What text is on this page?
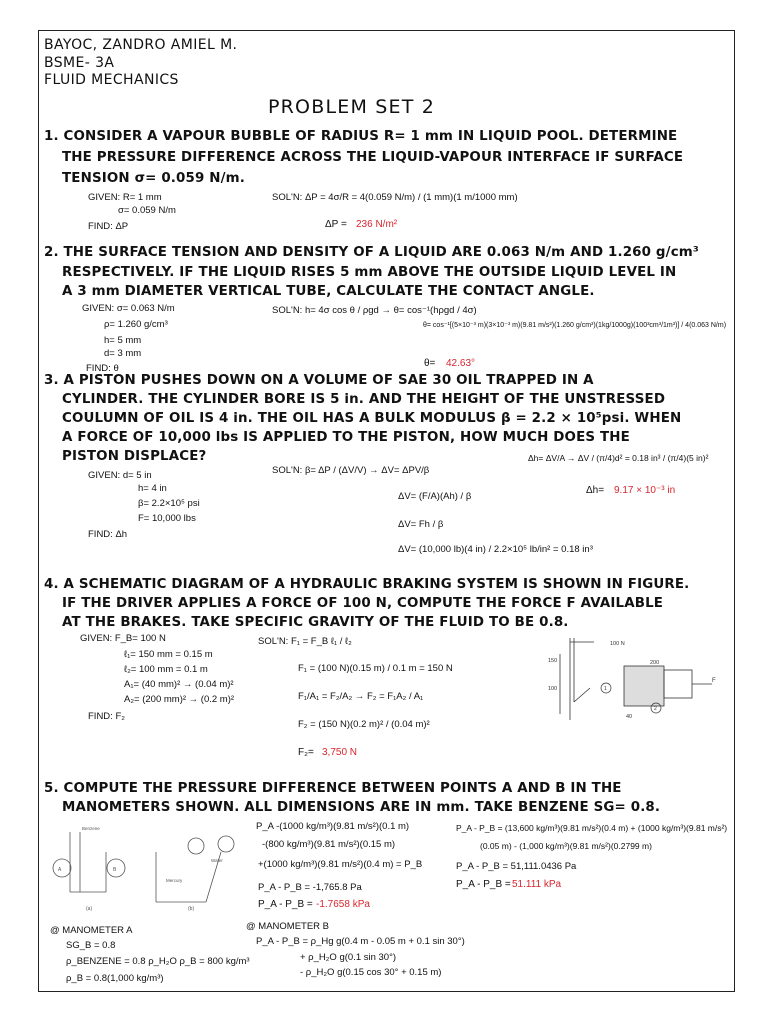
BAYOC, ZANDRO AMIEL M.
BSME- 3A
FLUID MECHANICS
PROBLEM SET 2
1. CONSIDER A VAPOUR BUBBLE OF RADIUS R= 1 mm IN LIQUID POOL. DETERMINE
THE PRESSURE DIFFERENCE ACROSS THE LIQUID-VAPOUR INTERFACE IF SURFACE
TENSION σ= 0.059 N/m.
GIVEN: R= 1 mm
σ= 0.059 N/m
FIND: ΔP
SOL'N: ΔP = 4σ/R = 4(0.059 N/m) / (1 mm)(1 m/1000 mm)
ΔP = 236 N/m²
2. THE SURFACE TENSION AND DENSITY OF A LIQUID ARE 0.063 N/m AND 1.260 g/cm³
RESPECTIVELY. IF THE LIQUID RISES 5 mm ABOVE THE OUTSIDE LIQUID LEVEL IN
A 3 mm DIAMETER VERTICAL TUBE, CALCULATE THE CONTACT ANGLE.
GIVEN: σ= 0.063 N/m
ρ= 1.260 g/cm³
h= 5 mm
d= 3 mm
FIND: θ
SOL'N: h= 4σ cos θ / ρgd → θ= cos⁻¹(hρgd / 4σ)
θ= cos⁻¹[(5×10⁻³ m)(3×10⁻³ m)(9.81 m/s²)(1.260 g/cm³)(1kg/1000g)(100³cm³/1m³)] / 4(0.063 N/m)
θ= 42.63°
3. A PISTON PUSHES DOWN ON A VOLUME OF SAE 30 OIL TRAPPED IN A
CYLINDER. THE CYLINDER BORE IS 5 in. AND THE HEIGHT OF THE UNSTRESSED
COULUMN OF OIL IS 4 in. THE OIL HAS A BULK MODULUS β = 2.2 × 10⁵psi. WHEN
A FORCE OF 10,000 lbs IS APPLIED TO THE PISTON, HOW MUCH DOES THE
PISTON DISPLACE?
GIVEN: d= 5 in
h= 4 in
β= 2.2×10⁵ psi
F= 10,000 lbs
FIND: Δh
SOL'N: β= ΔP / (ΔV/V) → ΔV= ΔPV/β
ΔV= (F/A)(Ah) / β
ΔV= Fh / β
ΔV= (10,000 lb)(4 in) / 2.2×10⁵ lb/in² = 0.18 in³
Δh= ΔV/A → ΔV / (π/4)d² = 0.18 in³ / (π/4)(5 in)²
Δh= 9.17 × 10⁻³ in
4. A SCHEMATIC DIAGRAM OF A HYDRAULIC BRAKING SYSTEM IS SHOWN IN FIGURE.
IF THE DRIVER APPLIES A FORCE OF 100 N, COMPUTE THE FORCE F AVAILABLE
AT THE BRAKES. TAKE SPECIFIC GRAVITY OF THE FLUID TO BE 0.8.
GIVEN: F_B= 100 N
ℓ₁= 150 mm = 0.15 m
ℓ₂= 100 mm = 0.1 m
A₁= (40 mm)² → (0.04 m)²
A₂= (200 mm)² → (0.2 m)²
FIND: F₂
SOL'N: F₁ = F_B ℓ₁ / ℓ₂
F₁ = (100 N)(0.15 m) / 0.1 m = 150 N
F₁/A₁ = F₂/A₂ → F₂ = F₁A₂ / A₁
F₂ = (150 N)(0.2 m)² / (0.04 m)²
F₂= 3,750 N
100 N
200
40
150
100
F
1
2
5. COMPUTE THE PRESSURE DIFFERENCE BETWEEN POINTS A AND B IN THE
MANOMETERS SHOWN. ALL DIMENSIONS ARE IN mm. TAKE BENZENE SG= 0.8.
A	B
Benzene
Mercury
Water
(a)	(b)
P_A -(1000 kg/m³)(9.81 m/s²)(0.1 m)
-(800 kg/m³)(9.81 m/s²)(0.15 m)
+(1000 kg/m³)(9.81 m/s²)(0.4 m) = P_B
P_A - P_B = -1,765.8 Pa
P_A - P_B = -1.7658 kPa
P_A - P_B = (13,600 kg/m³)(9.81 m/s²)(0.4 m) + (1000 kg/m³)(9.81 m/s²)
(0.05 m) - (1,000 kg/m³)(9.81 m/s²)(0.2799 m)
P_A - P_B = 51,111.0436 Pa
P_A - P_B = 51.111 kPa
@ MANOMETER A
SG_B = 0.8
ρ_BENZENE = 0.8 ρ_H₂O ρ_B = 800 kg/m³
ρ_B = 0.8(1,000 kg/m³)
@ MANOMETER B
P_A - P_B = ρ_Hg g(0.4 m - 0.05 m + 0.1 sin 30°)
+ ρ_H₂O g(0.1 sin 30°)
- ρ_H₂O g(0.15 cos 30° + 0.15 m)
